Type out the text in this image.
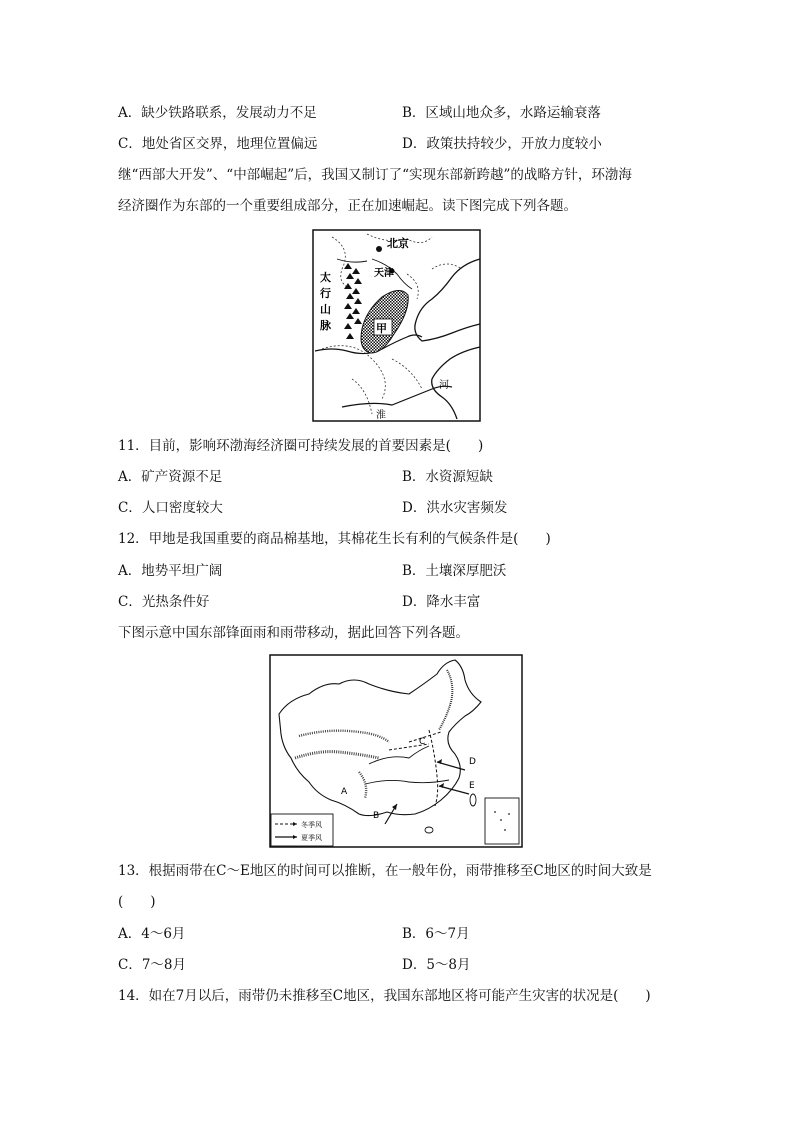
A．缺少铁路联系，发展动力不足	B．区域山地众多，水路运输衰落
C．地处省区交界，地理位置偏远	D．政策扶持较少，开放力度较小
继“西部大开发”、“中部崛起”后，我国又制订了“实现东部新跨越”的战略方针，环渤海
经济圈作为东部的一个重要组成部分，正在加速崛起。读下图完成下列各题。
北京
天津
太
行
山
脉	甲
河
淮
11．目前，影响环渤海经济圈可持续发展的首要因素是(　　)
A．矿产资源不足	B．水资源短缺
C．人口密度较大	D．洪水灾害频发
12．甲地是我国重要的商品棉基地，其棉花生长有利的气候条件是(　　)
A．地势平坦广阔	B．土壤深厚肥沃
C．光热条件好	D．降水丰富
下图示意中国东部锋面雨和雨带移动，据此回答下列各题。
C
D
E
A
B
冬季风
夏季风
13．根据雨带在C～E地区的时间可以推断，在一般年份，雨带推移至C地区的时间大致是
(　　)
A．4～6月	B．6～7月
C．7～8月	D．5～8月
14．如在7月以后，雨带仍未推移至C地区，我国东部地区将可能产生灾害的状况是(　　)
